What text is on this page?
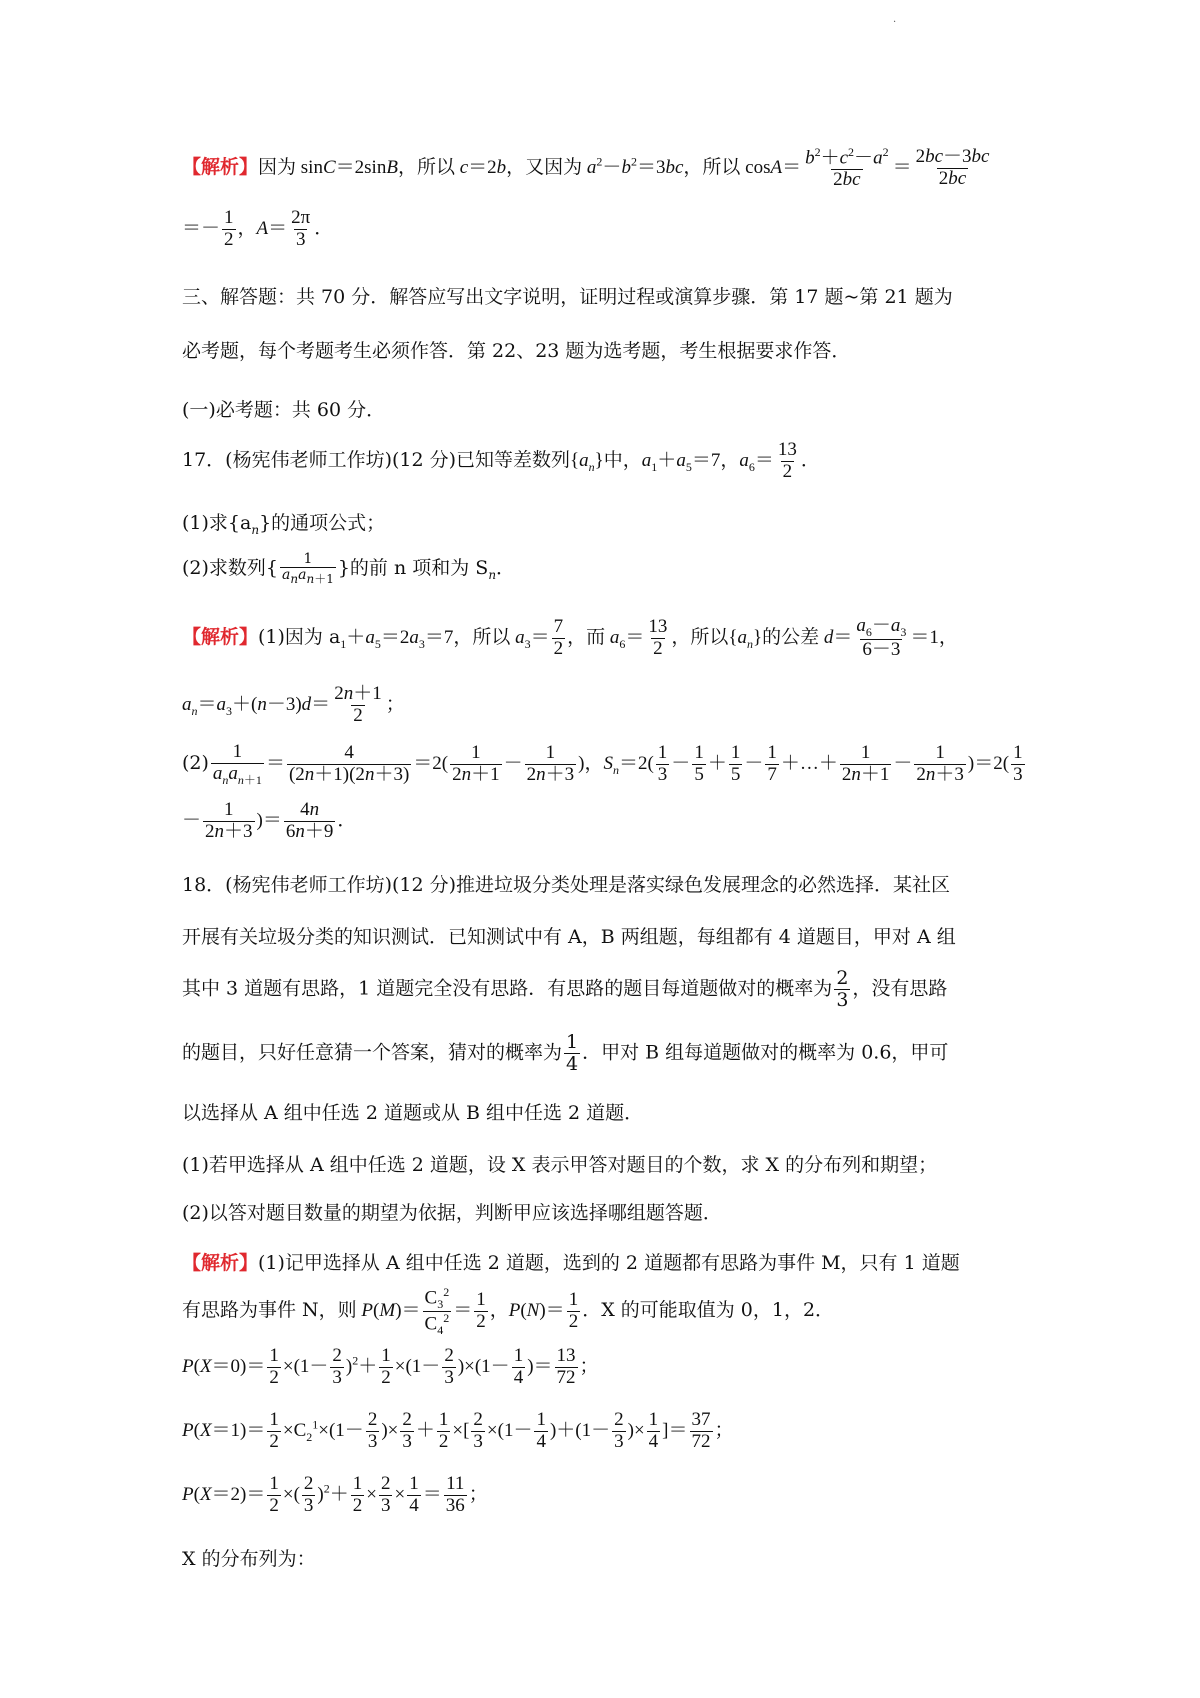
.
【解析】因为 sinC＝2sinB，所以 c＝2b，又因为 $a^2-b^2=3bc$，所以 $\cos A= \frac{b^2+c^2-a^2}{2bc} = \frac{2bc-3bc}{2bc}$
＝－ $\frac{1}{2}$ ，$A= \frac{2\pi}{3}$ ．
三、解答题：共 70 分．解答应写出文字说明，证明过程或演算步骤．第 17 题~第 21 题为
必考题，每个考题考生必须作答．第 22、23 题为选考题，考生根据要求作答．
(一)必考题：共 60 分．
17．(杨宪伟老师工作坊)(12 分)已知等差数列$\{a_n\}$中，$a_1+a_5=7$，$a_6= \frac{13}{2}$ ．
(1)求$\{a_n\}$的通项公式；
(2)求数列{ $\frac{1}{a_na_{n+1}}$ }的前 n 项和为 $S_n$．
【解析】(1)因为 $a_1+a_5=2a_3=7$，所以 $a_3= \frac{7}{2}$ ，而 $a_6= \frac{13}{2}$ ，所以$\{a_n\}$的公差 $d= \frac{a_6-a_3}{6-3} =1$，
$a_n=a_3+(n-3)d= \frac{2n+1}{2}$ ；
$(2) \frac{1}{a_na_{n+1}} = \frac{4}{(2n+1)(2n+3)} =2( \frac{1}{2n+1} - \frac{1}{2n+3}$ )，$S_n=2( \frac{1}{3} - \frac{1}{5} + \frac{1}{5} - \frac{1}{7}$ ＋…＋ $\frac{1}{2n+1} - \frac{1}{2n+3} )=2( \frac{1}{3}$
－ $\frac{1}{2n+3}$ )＝ $\frac{4n}{6n+9}$ ．
18．(杨宪伟老师工作坊)(12 分)推进垃圾分类处理是落实绿色发展理念的必然选择．某社区
开展有关垃圾分类的知识测试．已知测试中有 A，B 两组题，每组都有 4 道题目，甲对 A 组
其中 3 道题有思路，1 道题完全没有思路．有思路的题目每道题做对的概率为 $\frac{2}{3}$ ，没有思路
的题目，只好任意猜一个答案，猜对的概率为 $\frac{1}{4}$ ．甲对 B 组每道题做对的概率为 0.6，甲可
以选择从 A 组中任选 2 道题或从 B 组中任选 2 道题．
(1)若甲选择从 A 组中任选 2 道题，设 X 表示甲答对题目的个数，求 X 的分布列和期望；
(2)以答对题目数量的期望为依据，判断甲应该选择哪组题答题．
【解析】(1)记甲选择从 A 组中任选 2 道题，选到的 2 道题都有思路为事件 M，只有 1 道题
有思路为事件 N，则 $P(M)= \frac{C_3^2}{C_4^2} = \frac{1}{2}$ ，$P(N)= \frac{1}{2}$ ．X 的可能取值为 0，1，2．
$P(X=0)= \frac{1}{2} \times(1- \frac{2}{3} )^2+ \frac{1}{2} \times(1- \frac{2}{3} )\times(1- \frac{1}{4}$ )＝ $\frac{13}{72}$ ；
$P(X=1)= \frac{1}{2} \times C_2^1\times(1- \frac{2}{3}$ )× $\frac{2}{3} + \frac{1}{2}$ ×[ $\frac{2}{3} \times(1- \frac{1}{4} )+(1- \frac{2}{3}$ )× $\frac{1}{4}$ ]＝ $\frac{37}{72}$ ；
$P(X=2)= \frac{1}{2}$ ×( $\frac{2}{3} )^2+ \frac{1}{2} \times \frac{2}{3} \times \frac{1}{4} = \frac{11}{36}$ ；
X 的分布列为：
